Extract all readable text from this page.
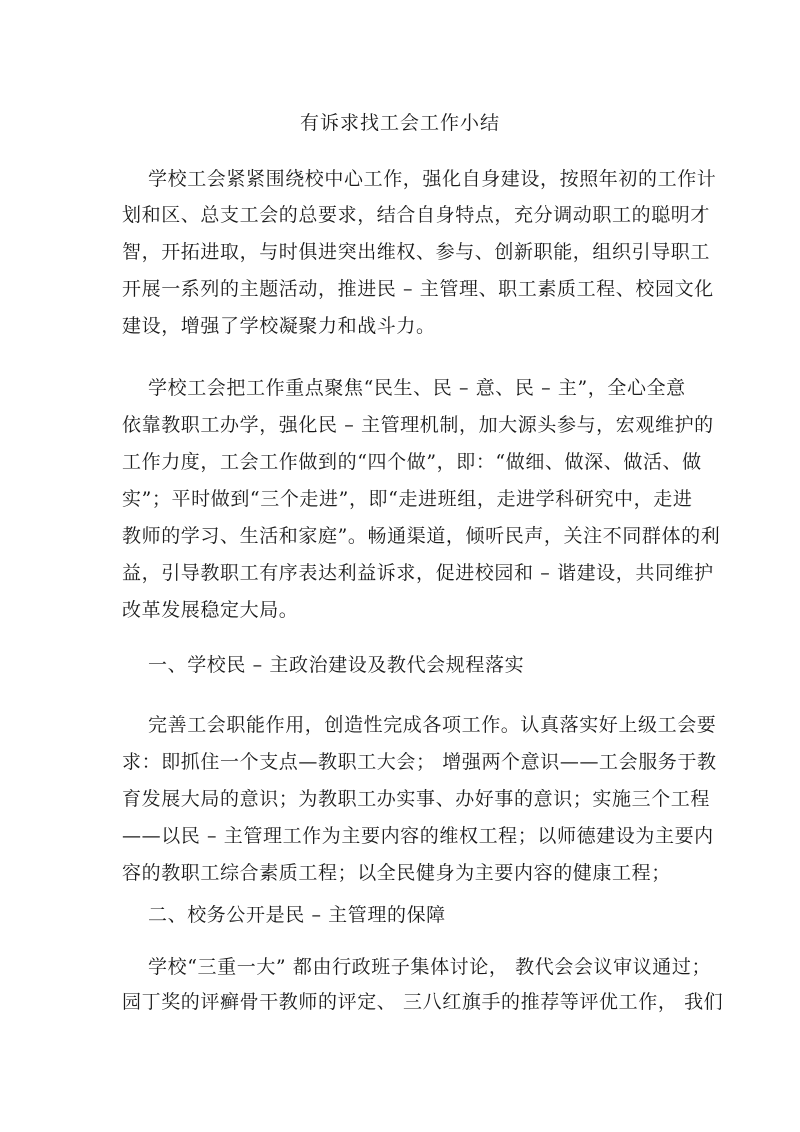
有诉求找工会工作小结
学校工会紧紧围绕校中心工作，强化自身建设，按照年初的工作计
划和区、总支工会的总要求，结合自身特点，充分调动职工的聪明才
智，开拓进取，与时俱进突出维权、参与、创新职能，组织引导职工
开展一系列的主题活动，推进民 – 主管理、职工素质工程、校园文化
建设，增强了学校凝聚力和战斗力。
学校工会把工作重点聚焦“民生、民 – 意、民 – 主”，全心全意
依靠教职工办学，强化民 – 主管理机制，加大源头参与，宏观维护的
工作力度，工会工作做到的“四个做”，即：“做细、做深、做活、做
实”；平时做到“三个走进”，即“走进班组，走进学科研究中，走进
教师的学习、生活和家庭”。畅通渠道，倾听民声，关注不同群体的利
益，引导教职工有序表达利益诉求，促进校园和 – 谐建设，共同维护
改革发展稳定大局。
一、学校民 – 主政治建设及教代会规程落实
完善工会职能作用，创造性完成各项工作。认真落实好上级工会要
求：即抓住一个支点—教职工大会； 增强两个意识——工会服务于教
育发展大局的意识；为教职工办实事、办好事的意识；实施三个工程
——以民 – 主管理工作为主要内容的维权工程；以师德建设为主要内
容的教职工综合素质工程；以全民健身为主要内容的健康工程；
二、校务公开是民 – 主管理的保障
学校“三重一大” 都由行政班子集体讨论， 教代会会议审议通过；
园丁奖的评癣骨干教师的评定、 三八红旗手的推荐等评优工作， 我们
